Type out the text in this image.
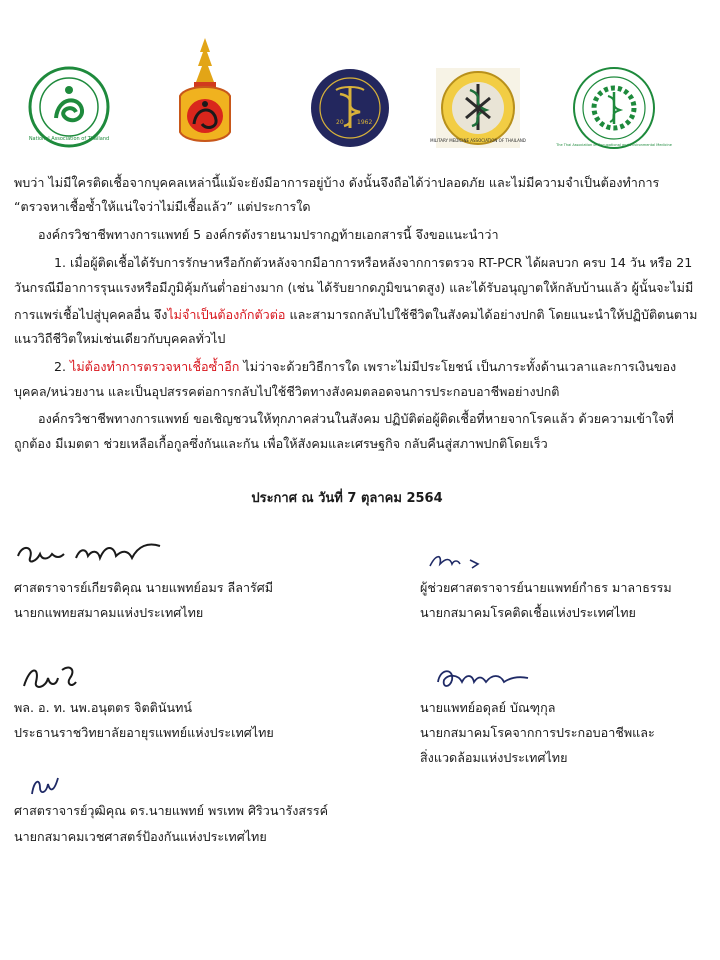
National Association of Thailand
20 1962
MILITARY MEDICINE ASSOCIATION OF THAILAND
The Thai Association of Occupational and Environmental Medicine
พบว่า ไม่มีใครติดเชื้อจากบุคคลเหล่านี้แม้จะยังมีอาการอยู่บ้าง ดังนั้นจึงถือได้ว่าปลอดภัย และไม่มีความจำเป็นต้องทำการ
“ตรวจหาเชื้อซ้ำให้แน่ใจว่าไม่มีเชื้อแล้ว” แต่ประการใด
องค์กรวิชาชีพทางการแพทย์ 5 องค์กรดังรายนามปรากฏท้ายเอกสารนี้ จึงขอแนะนำว่า
1. เมื่อผู้ติดเชื้อได้รับการรักษาหรือกักตัวหลังจากมีอาการหรือหลังจากการตรวจ RT-PCR ได้ผลบวก ครบ 14 วัน หรือ 21
วันกรณีมีอาการรุนแรงหรือมีภูมิคุ้มกันต่ำอย่างมาก (เช่น ได้รับยากดภูมิขนาดสูง) และได้รับอนุญาตให้กลับบ้านแล้ว ผู้นั้นจะไม่มี
การแพร่เชื้อไปสู่บุคคลอื่น จึงไม่จำเป็นต้องกักตัวต่อ และสามารถกลับไปใช้ชีวิตในสังคมได้อย่างปกติ โดยแนะนำให้ปฏิบัติตนตาม
แนววิถีชีวิตใหม่เช่นเดียวกับบุคคลทั่วไป
2. ไม่ต้องทำการตรวจหาเชื้อซ้ำอีก ไม่ว่าจะด้วยวิธีการใด เพราะไม่มีประโยชน์ เป็นภาระทั้งด้านเวลาและการเงินของ
บุคคล/หน่วยงาน และเป็นอุปสรรคต่อการกลับไปใช้ชีวิตทางสังคมตลอดจนการประกอบอาชีพอย่างปกติ
องค์กรวิชาชีพทางการแพทย์ ขอเชิญชวนให้ทุกภาคส่วนในสังคม ปฏิบัติต่อผู้ติดเชื้อที่หายจากโรคแล้ว ด้วยความเข้าใจที่
ถูกต้อง มีเมตตา ช่วยเหลือเกื้อกูลซึ่งกันและกัน เพื่อให้สังคมและเศรษฐกิจ กลับคืนสู่สภาพปกติโดยเร็ว
ประกาศ ณ วันที่ 7 ตุลาคม 2564
ศาสตราจารย์เกียรติคุณ นายแพทย์อมร ลีลารัศมี
นายกแพทยสมาคมแห่งประเทศไทย
ผู้ช่วยศาสตราจารย์นายแพทย์กำธร มาลาธรรม
นายกสมาคมโรคติดเชื้อแห่งประเทศไทย
พล. อ. ท. นพ.อนุตตร จิตตินันทน์
ประธานราชวิทยาลัยอายุรแพทย์แห่งประเทศไทย
นายแพทย์อดุลย์ บัณฑุกุล
นายกสมาคมโรคจากการประกอบอาชีพและ
สิ่งแวดล้อมแห่งประเทศไทย
ศาสตราจารย์วุฒิคุณ ดร.นายแพทย์ พรเทพ ศิริวนารังสรรค์
นายกสมาคมเวชศาสตร์ป้องกันแห่งประเทศไทย
